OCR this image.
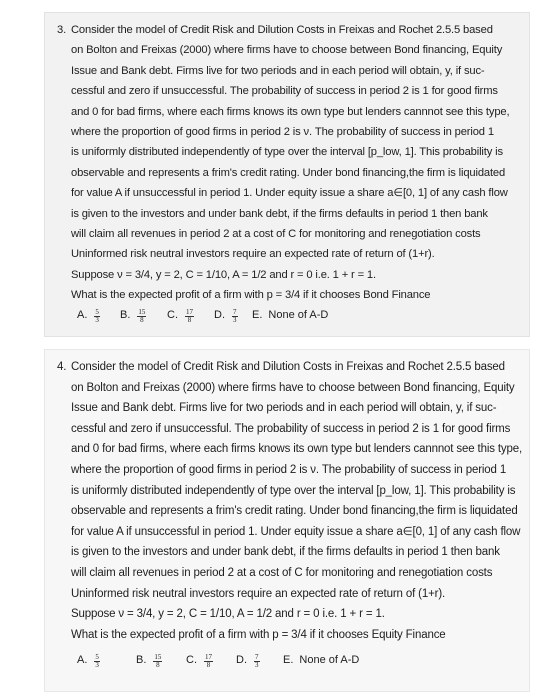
3. Consider the model of Credit Risk and Dilution Costs in Freixas and Rochet 2.5.5 based
on Bolton and Freixas (2000) where firms have to choose between Bond financing, Equity
Issue and Bank debt. Firms live for two periods and in each period will obtain, y, if suc-
cessful and zero if unsuccessful. The probability of success in period 2 is 1 for good firms
and 0 for bad firms, where each firms knows its own type but lenders cannnot see this type,
where the proportion of good firms in period 2 is ν. The probability of success in period 1
is uniformly distributed independently of type over the interval [p_low, 1]. This probability is
observable and represents a frim's credit rating. Under bond financing,the firm is liquidated
for value A if unsuccessful in period 1. Under equity issue a share a∈[0, 1] of any cash flow
is given to the investors and under bank debt, if the firms defaults in period 1 then bank
will claim all revenues in period 2 at a cost of C for monitoring and renegotiation costs
Uninformed risk neutral investors require an expected rate of return of (1+r).
Suppose ν = 3/4, y = 2, C = 1/10, A = 1/2 and r = 0 i.e. 1 + r = 1.
What is the expected profit of a firm with p = 3/4 if it chooses Bond Finance
A. $\frac{5}{3} B$. $\frac{15}{8} C$. $\frac{17}{8} D$. $\frac{7}{3} E$. None of A-D
4. Consider the model of Credit Risk and Dilution Costs in Freixas and Rochet 2.5.5 based
on Bolton and Freixas (2000) where firms have to choose between Bond financing, Equity
Issue and Bank debt. Firms live for two periods and in each period will obtain, y, if suc-
cessful and zero if unsuccessful. The probability of success in period 2 is 1 for good firms
and 0 for bad firms, where each firms knows its own type but lenders cannnot see this type,
where the proportion of good firms in period 2 is ν. The probability of success in period 1
is uniformly distributed independently of type over the interval [p_low, 1]. This probability is
observable and represents a frim's credit rating. Under bond financing,the firm is liquidated
for value A if unsuccessful in period 1. Under equity issue a share a∈[0, 1] of any cash flow
is given to the investors and under bank debt, if the firms defaults in period 1 then bank
will claim all revenues in period 2 at a cost of C for monitoring and renegotiation costs
Uninformed risk neutral investors require an expected rate of return of (1+r).
Suppose ν = 3/4, y = 2, C = 1/10, A = 1/2 and r = 0 i.e. 1 + r = 1.
What is the expected profit of a firm with p = 3/4 if it chooses Equity Finance
A. $\frac{5}{3}$	B. $\frac{15}{8} C$. $\frac{17}{8} D$. $\frac{7}{3} E$. None of A-D
